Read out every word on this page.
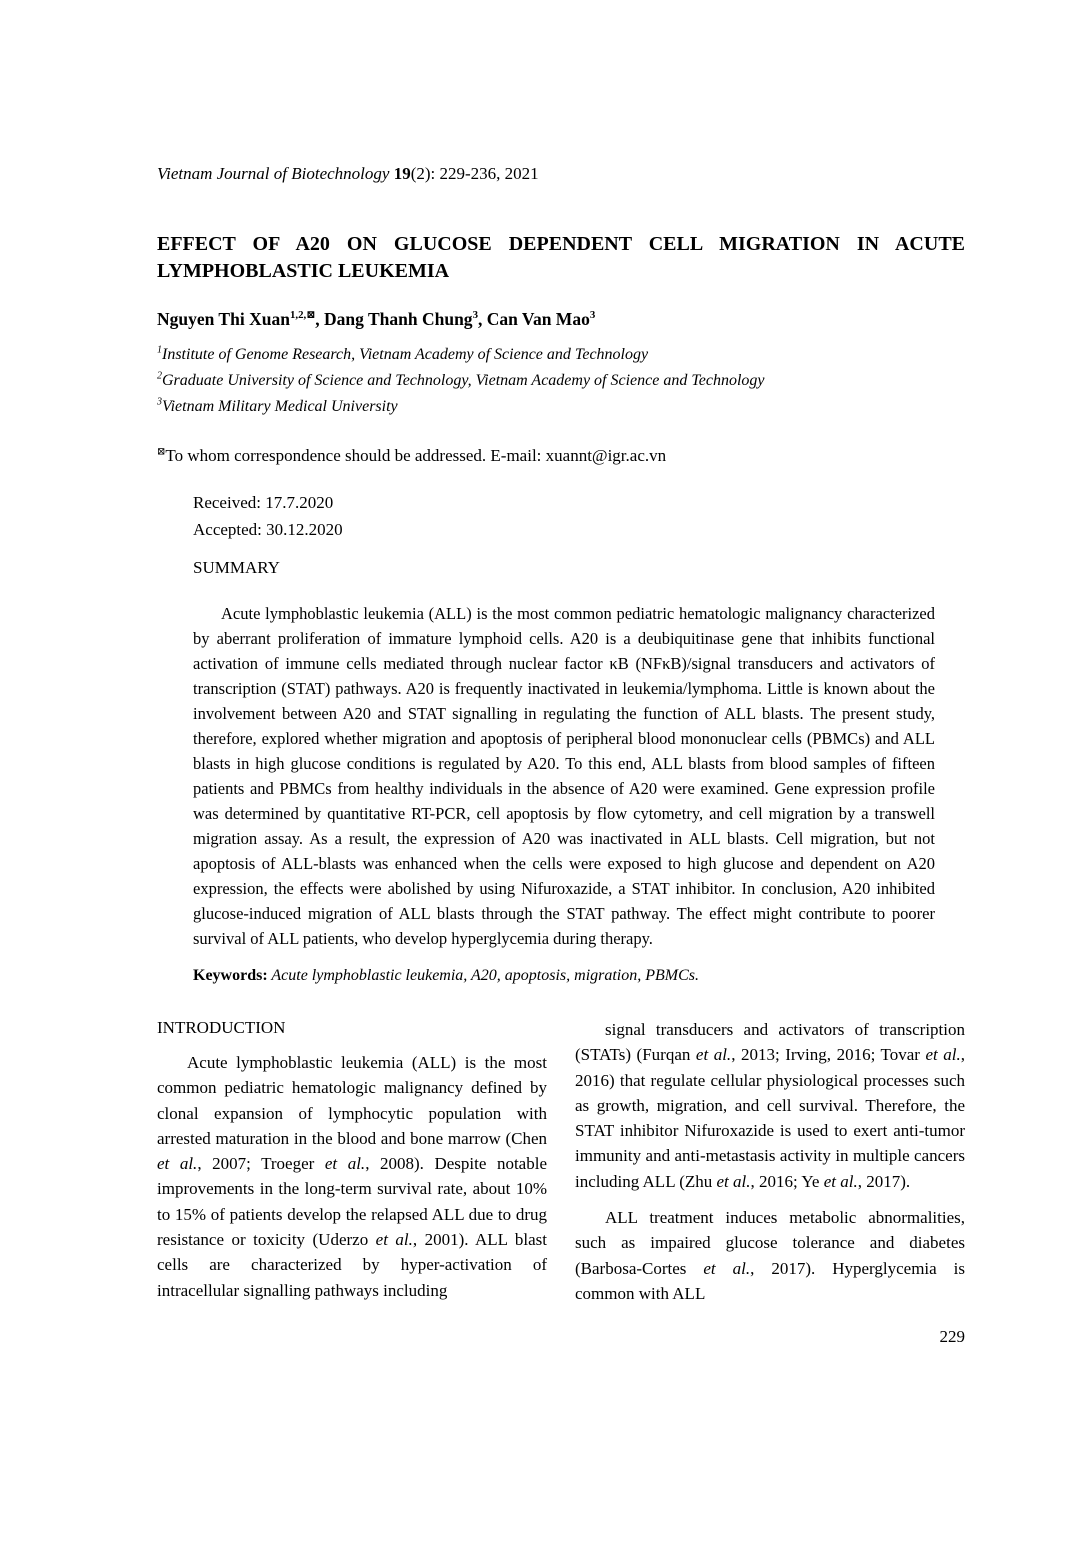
Vietnam Journal of Biotechnology 19(2): 229-236, 2021
EFFECT OF A20 ON GLUCOSE DEPENDENT CELL MIGRATION IN ACUTE
LYMPHOBLASTIC LEUKEMIA
Nguyen Thi Xuan$^{1,2,⊠}$, Dang Thanh Chung$^3$, Can Van Mao$^3$
$^1$Institute of Genome Research, Vietnam Academy of Science and Technology
$^2$Graduate University of Science and Technology, Vietnam Academy of Science and Technology
$^3$Vietnam Military Medical University
⊠To whom correspondence should be addressed. E-mail: xuannt@igr.ac.vn
Received: 17.7.2020
Accepted: 30.12.2020
SUMMARY
Acute lymphoblastic leukemia (ALL) is the most common pediatric hematologic malignancy characterized by aberrant proliferation of immature lymphoid cells. A20 is a deubiquitinase gene that inhibits functional activation of immune cells mediated through nuclear factor κB (NFκB)/signal transducers and activators of transcription (STAT) pathways. A20 is frequently inactivated in leukemia/lymphoma. Little is known about the involvement between A20 and STAT signalling in regulating the function of ALL blasts. The present study, therefore, explored whether migration and apoptosis of peripheral blood mononuclear cells (PBMCs) and ALL blasts in high glucose conditions is regulated by A20. To this end, ALL blasts from blood samples of fifteen patients and PBMCs from healthy individuals in the absence of A20 were examined. Gene expression profile was determined by quantitative RT-PCR, cell apoptosis by flow cytometry, and cell migration by a transwell migration assay. As a result, the expression of A20 was inactivated in ALL blasts. Cell migration, but not apoptosis of ALL-blasts was enhanced when the cells were exposed to high glucose and dependent on A20 expression, the effects were abolished by using Nifuroxazide, a STAT inhibitor. In conclusion, A20 inhibited glucose-induced migration of ALL blasts through the STAT pathway. The effect might contribute to poorer survival of ALL patients, who develop hyperglycemia during therapy.
Keywords: Acute lymphoblastic leukemia, A20, apoptosis, migration, PBMCs.
INTRODUCTION

Acute lymphoblastic leukemia (ALL) is the most common pediatric hematologic malignancy defined by clonal expansion of lymphocytic population with arrested maturation in the blood and bone marrow (Chen et al., 2007; Troeger et al., 2008). Despite notable improvements in the long-term survival rate, about 10% to 15% of patients develop the relapsed ALL due to drug resistance or toxicity (Uderzo et al., 2001). ALL blast cells are characterized by hyper-activation of intracellular signalling pathways including

signal transducers and activators of transcription (STATs) (Furqan et al., 2013; Irving, 2016; Tovar et al., 2016) that regulate cellular physiological processes such as growth, migration, and cell survival. Therefore, the STAT inhibitor Nifuroxazide is used to exert anti-tumor immunity and anti-metastasis activity in multiple cancers including ALL (Zhu et al., 2016; Ye et al., 2017).

ALL treatment induces metabolic abnormalities, such as impaired glucose tolerance and diabetes (Barbosa-Cortes et al., 2017). Hyperglycemia is common with ALL

229
